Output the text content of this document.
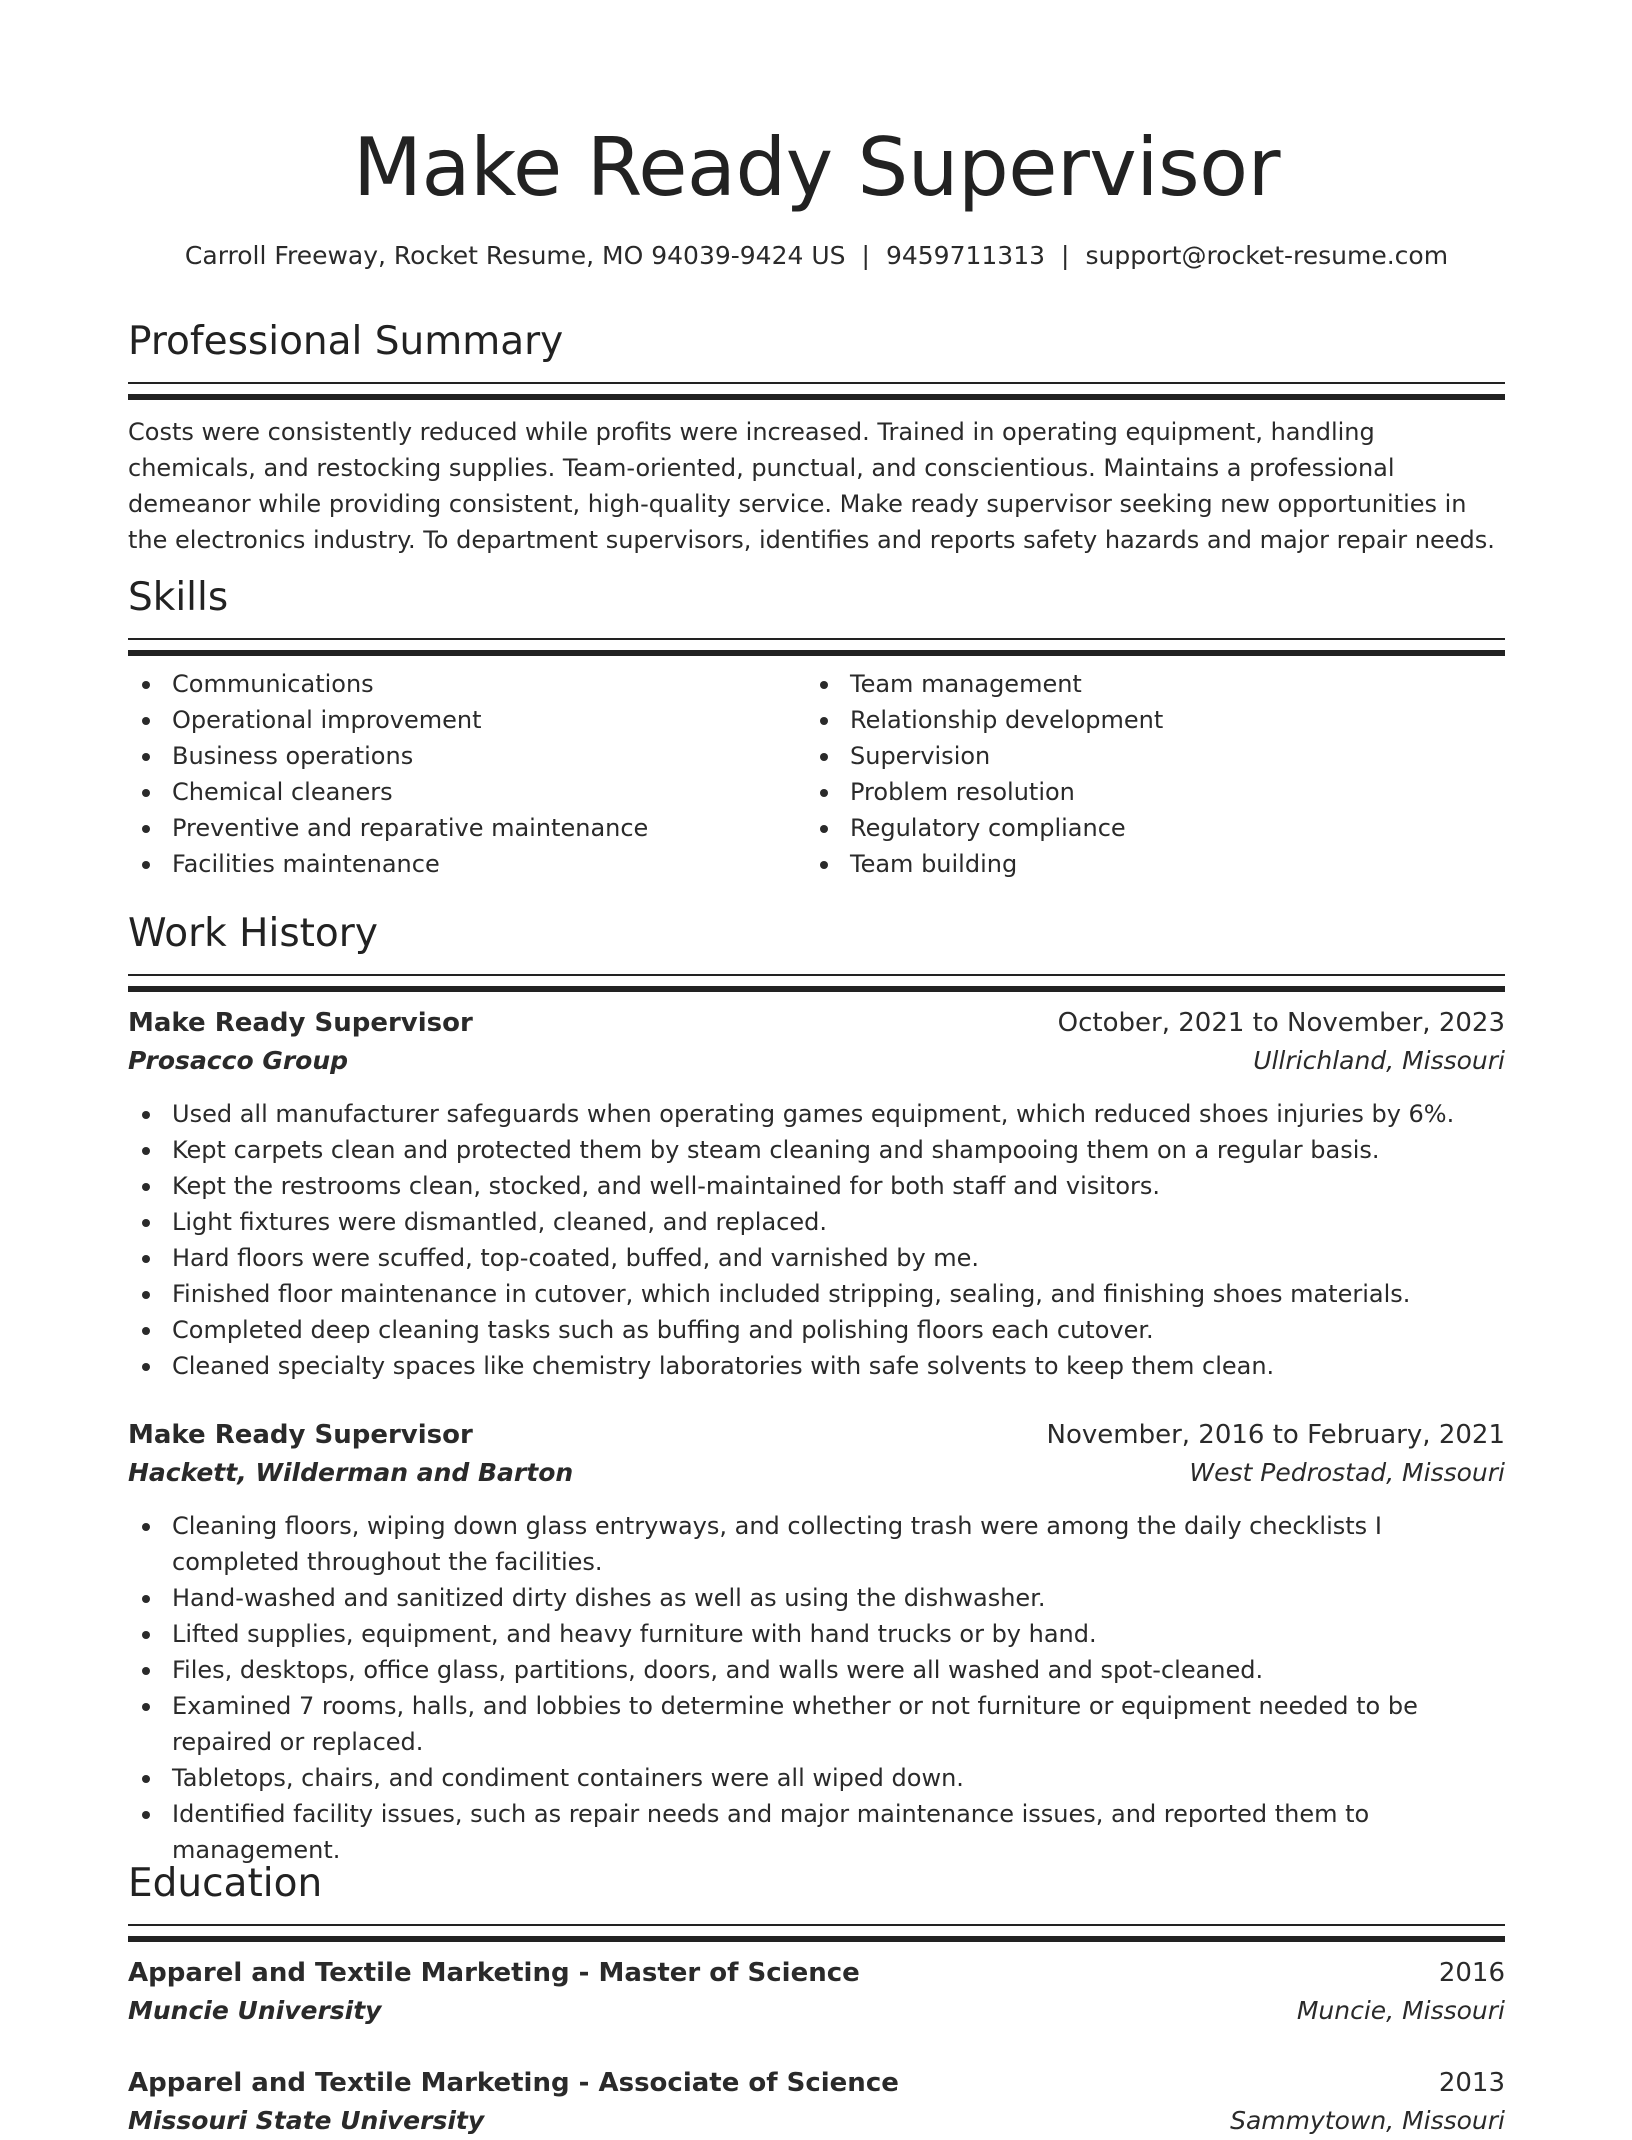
Make Ready Supervisor
Carroll Freeway, Rocket Resume, MO 94039-9424 US | 9459711313 | support@rocket-resume.com
Professional Summary

Costs were consistently reduced while profits were increased. Trained in operating equipment, handling chemicals, and restocking supplies. Team-oriented, punctual, and conscientious. Maintains a professional demeanor while providing consistent, high-quality service. Make ready supervisor seeking new opportunities in the electronics industry. To department supervisors, identifies and reports safety hazards and major repair needs.

Skills
Communications
Operational improvement
Business operations
Chemical cleaners
Preventive and reparative maintenance
Facilities maintenance
Team management
Relationship development
Supervision
Problem resolution
Regulatory compliance
Team building
Work History
Make Ready Supervisor	October, 2021 to November, 2023
Prosacco Group	Ullrichland, Missouri
Used all manufacturer safeguards when operating games equipment, which reduced shoes injuries by 6%.
Kept carpets clean and protected them by steam cleaning and shampooing them on a regular basis.
Kept the restrooms clean, stocked, and well-maintained for both staff and visitors.
Light fixtures were dismantled, cleaned, and replaced.
Hard floors were scuffed, top-coated, buffed, and varnished by me.
Finished floor maintenance in cutover, which included stripping, sealing, and finishing shoes materials.
Completed deep cleaning tasks such as buffing and polishing floors each cutover.
Cleaned specialty spaces like chemistry laboratories with safe solvents to keep them clean.
Make Ready Supervisor	November, 2016 to February, 2021
Hackett, Wilderman and Barton	West Pedrostad, Missouri
Cleaning floors, wiping down glass entryways, and collecting trash were among the daily checklists I completed throughout the facilities.
Hand-washed and sanitized dirty dishes as well as using the dishwasher.
Lifted supplies, equipment, and heavy furniture with hand trucks or by hand.
Files, desktops, office glass, partitions, doors, and walls were all washed and spot-cleaned.
Examined 7 rooms, halls, and lobbies to determine whether or not furniture or equipment needed to be repaired or replaced.
Tabletops, chairs, and condiment containers were all wiped down.
Identified facility issues, such as repair needs and major maintenance issues, and reported them to management.
Education
Apparel and Textile Marketing - Master of Science	2016
Muncie University	Muncie, Missouri
Apparel and Textile Marketing - Associate of Science	2013
Missouri State University	Sammytown, Missouri
